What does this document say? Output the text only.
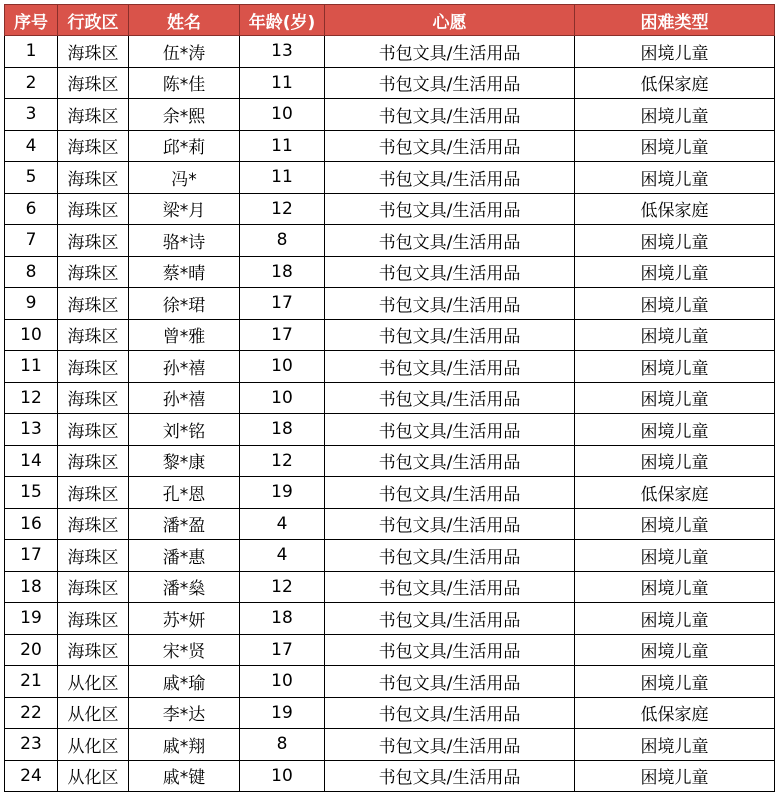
序号	行政区	姓名	年龄(岁)	心愿	困难类型
1	海珠区	伍*涛	13	书包文具/生活用品	困境儿童
2	海珠区	陈*佳	11	书包文具/生活用品	低保家庭
3	海珠区	余*熙	10	书包文具/生活用品	困境儿童
4	海珠区	邱*莉	11	书包文具/生活用品	困境儿童
5	海珠区	冯*	11	书包文具/生活用品	困境儿童
6	海珠区	梁*月	12	书包文具/生活用品	低保家庭
7	海珠区	骆*诗	8	书包文具/生活用品	困境儿童
8	海珠区	蔡*晴	18	书包文具/生活用品	困境儿童
9	海珠区	徐*珺	17	书包文具/生活用品	困境儿童
10	海珠区	曾*雅	17	书包文具/生活用品	困境儿童
11	海珠区	孙*禧	10	书包文具/生活用品	困境儿童
12	海珠区	孙*禧	10	书包文具/生活用品	困境儿童
13	海珠区	刘*铭	18	书包文具/生活用品	困境儿童
14	海珠区	黎*康	12	书包文具/生活用品	困境儿童
15	海珠区	孔*恩	19	书包文具/生活用品	低保家庭
16	海珠区	潘*盈	4	书包文具/生活用品	困境儿童
17	海珠区	潘*惠	4	书包文具/生活用品	困境儿童
18	海珠区	潘*燊	12	书包文具/生活用品	困境儿童
19	海珠区	苏*妍	18	书包文具/生活用品	困境儿童
20	海珠区	宋*贤	17	书包文具/生活用品	困境儿童
21	从化区	戚*瑜	10	书包文具/生活用品	困境儿童
22	从化区	李*达	19	书包文具/生活用品	低保家庭
23	从化区	戚*翔	8	书包文具/生活用品	困境儿童
24	从化区	戚*键	10	书包文具/生活用品	困境儿童
